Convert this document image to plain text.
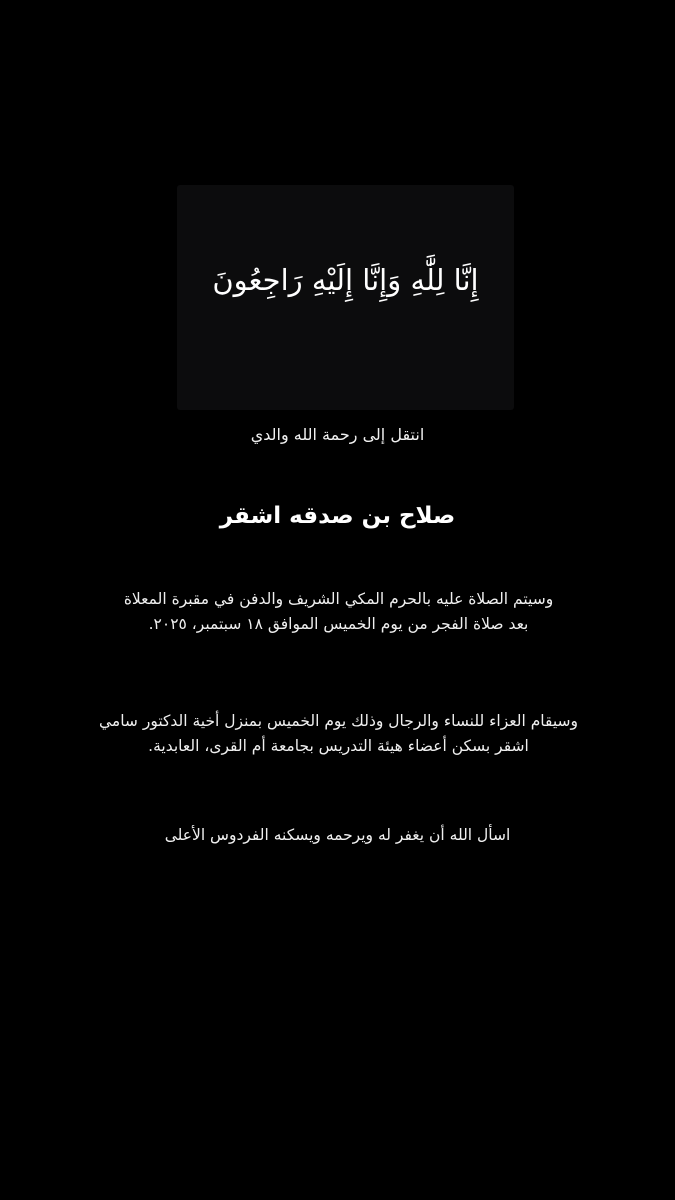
إِنَّا لِلَّٰهِ وَإِنَّا إِلَيْهِ رَاجِعُونَ
انتقل إلى رحمة الله والدي
صلاح بن صدقه اشقر
وسيتم الصلاة عليه بالحرم المكي الشريف والدفن في مقبرة المعلاة
بعد صلاة الفجر من يوم الخميس الموافق ١٨ سبتمبر، ٢٠٢٥.
وسيقام العزاء للنساء والرجال وذلك يوم الخميس بمنزل أخية الدكتور سامي
اشقر بسكن أعضاء هيئة التدريس بجامعة أم القرى، العابدية.
اسأل الله أن يغفر له ويرحمه ويسكنه الفردوس الأعلى
